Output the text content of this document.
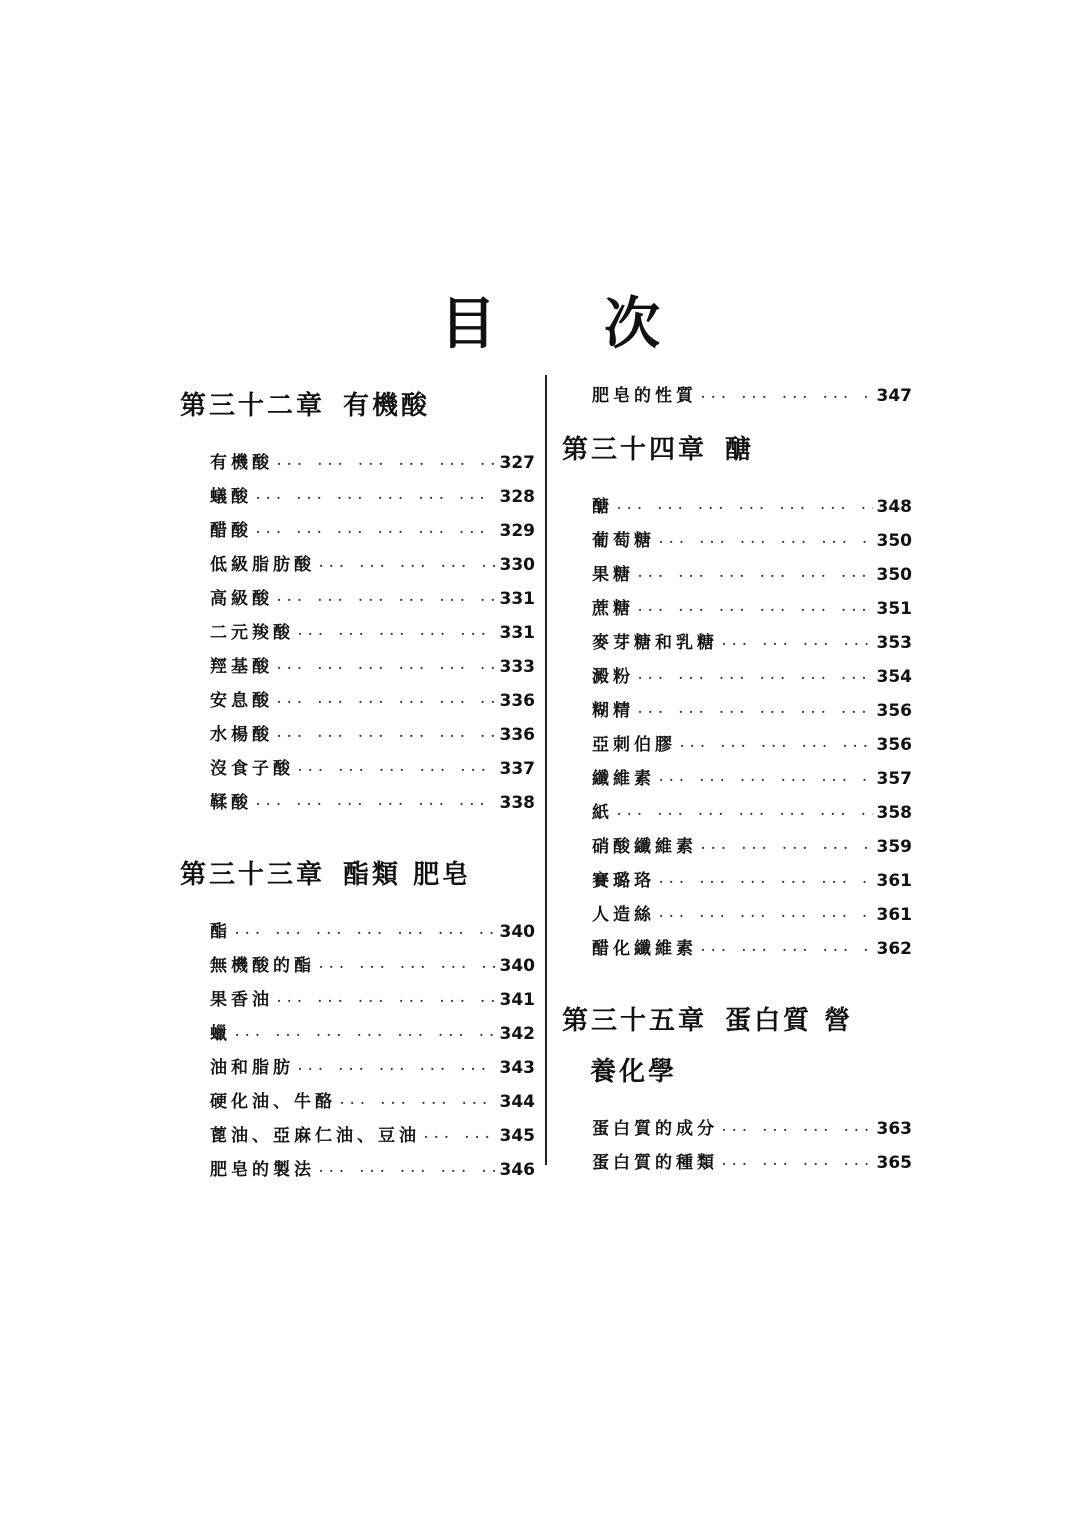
目 次
第三十二章 有機酸
有機酸 ··· ·	327
蟻酸 ··· ·	328
醋酸 ··· ·	329
低級脂肪酸 ··· ·	330
高級酸 ··· ·	331
二元羧酸 ··· ·	331
羥基酸 ··· ·	333
安息酸 ··· ·	336
水楊酸 ··· ·	336
沒食子酸 ··· ·	337
鞣酸 ··· ·	338
第三十三章 酯類 肥皂
酯 ··· ·	340
無機酸的酯 ··· ·	340
果香油 ··· ·	341
蠟 ··· ·	342
油和脂肪 ··· ·	343
硬化油、牛酪 ··· ·	344
蓖油、亞麻仁油、豆油 ··· ·	345
肥皂的製法 ··· ·	346
肥皂的性質 ··· ·	347
第三十四章 醣
醣 ··· ·	348
葡萄糖 ··· ·	350
果糖 ··· ·	350
蔗糖 ··· ·	351
麥芽糖和乳糖 ··· ·	353
澱粉 ··· ·	354
糊精 ··· ·	356
亞刺伯膠 ··· ·	356
纖維素 ··· ·	357
紙 ··· ·	358
硝酸纖維素 ··· ·	359
賽璐珞 ··· ·	361
人造絲 ··· ·	361
醋化纖維素 ··· ·	362
第三十五章 蛋白質 營
養化學
蛋白質的成分 ··· ·	363
蛋白質的種類 ··· ·	365
